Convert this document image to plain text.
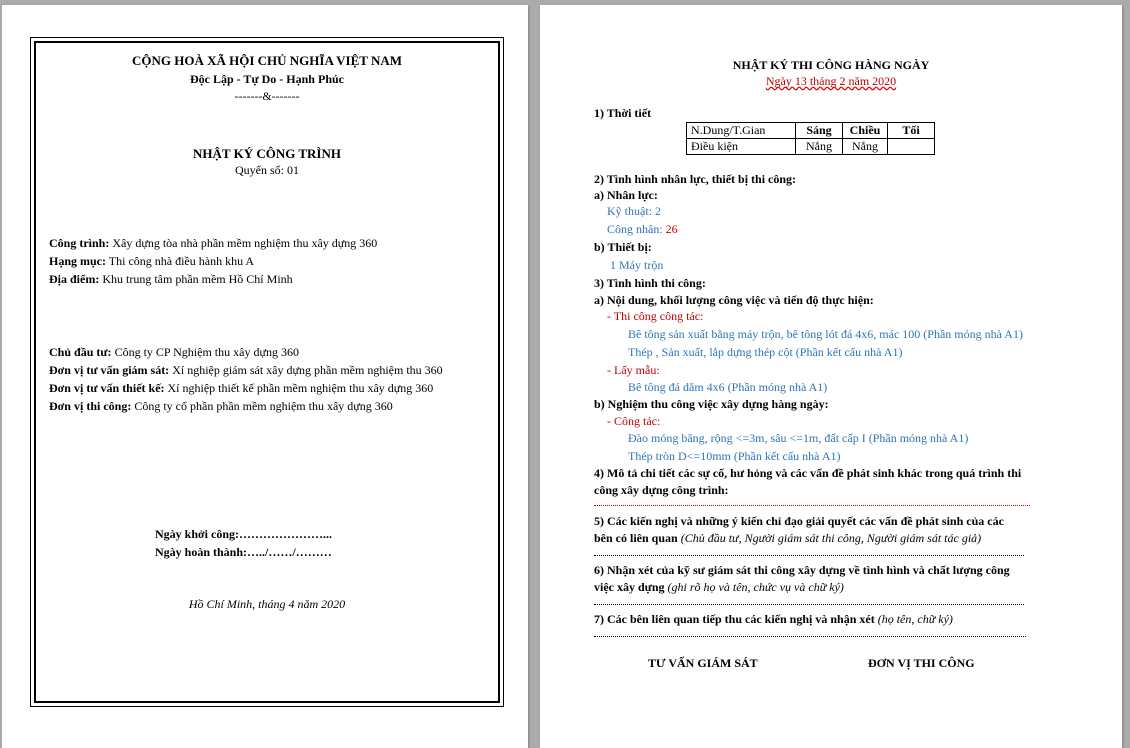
CỘNG HOÀ XÃ HỘI CHỦ NGHĨA VIỆT NAM
Độc Lập - Tự Do - Hạnh Phúc
-------&-------
NHẬT KÝ CÔNG TRÌNH
Quyển số: 01
Công trình: Xây dựng tòa nhà phần mềm nghiệm thu xây dựng 360
Hạng mục: Thi công nhà điều hành khu A
Địa điểm: Khu trung tâm phần mềm Hồ Chí Minh
Chủ đầu tư: Công ty CP Nghiệm thu xây dựng 360
Đơn vị tư vấn giám sát: Xí nghiệp giám sát xây dựng phần mềm nghiệm thu 360
Đơn vị tư vấn thiết kế: Xí nghiệp thiết kế phần mềm nghiệm thu xây dựng 360
Đơn vị thi công: Công ty cổ phần phần mềm nghiệm thu xây dựng 360
Ngày khởi công:…………………...
Ngày hoàn thành:…../……/………
Hồ Chí Minh, tháng 4 năm 2020
NHẬT KÝ THI CÔNG HÀNG NGÀY
Ngày 13 tháng 2 năm 2020
1) Thời tiết
N.Dung/T.Gian	Sáng	Chiều	Tối
Điều kiện	Nắng	Nắng	
2) Tình hình nhân lực, thiết bị thi công:
a) Nhân lực:
Kỹ thuật: 2
Công nhân: 26
b) Thiết bị:
1 Máy trộn
3) Tình hình thi công:
a) Nội dung, khối lượng công việc và tiến độ thực hiện:
- Thi công công tác:
Bê tông sản xuất bằng máy trộn, bê tông lót đá 4x6, mác 100 (Phần móng nhà A1)
Thép , Sản xuất, lắp dựng thép cột (Phần kết cấu nhà A1)
- Lấy mẫu:
Bê tông đá dăm 4x6 (Phần móng nhà A1)
b) Nghiệm thu công việc xây dựng hàng ngày:
- Công tác:
Đào móng băng, rộng <=3m, sâu <=1m, đất cấp I (Phần móng nhà A1)
Thép tròn D<=10mm (Phần kết cấu nhà A1)
4) Mô tả chi tiết các sự cố, hư hỏng và các vấn đề phát sinh khác trong quá trình thi
công xây dựng công trình:
5) Các kiến nghị và những ý kiến chỉ đạo giải quyết các vấn đề phát sinh của các
bên có liên quan (Chủ đầu tư, Người giám sát thi công, Người giám sát tác giả)
6) Nhận xét của kỹ sư giám sát thi công xây dựng về tình hình và chất lượng công
việc xây dựng (ghi rõ họ và tên, chức vụ và chữ ký)
7) Các bên liên quan tiếp thu các kiến nghị và nhận xét (họ tên, chữ ký)
TƯ VẤN GIÁM SÁT	ĐƠN VỊ THI CÔNG
